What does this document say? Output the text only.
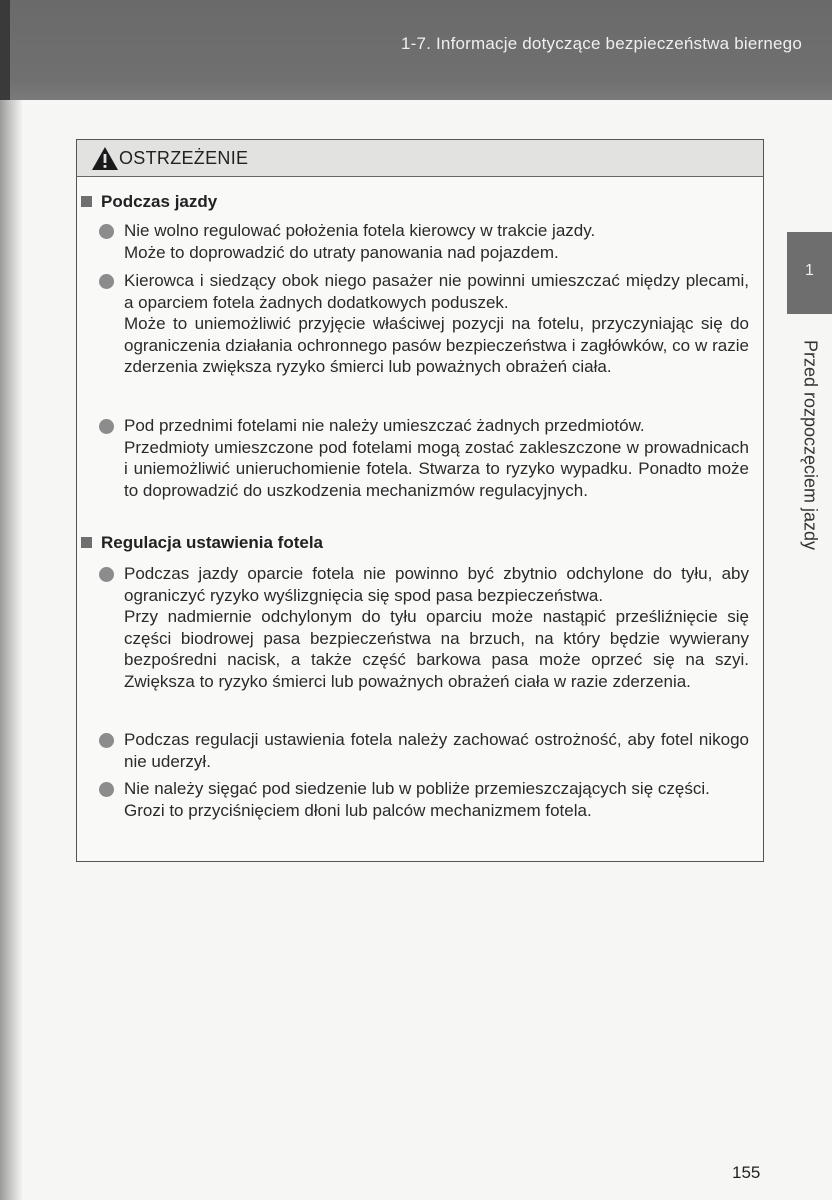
1-7. Informacje dotyczące bezpieczeństwa biernego
1
Przed rozpoczęciem jazdy
OSTRZEŻENIE
Podczas jazdy

Nie wolno regulować położenia fotela kierowcy w trakcie jazdy.

Może to doprowadzić do utraty panowania nad pojazdem.

Kierowca i siedzący obok niego pasażer nie powinni umieszczać między plecami, a oparciem fotela żadnych dodatkowych poduszek.

Może to uniemożliwić przyjęcie właściwej pozycji na fotelu, przyczyniając się do ograniczenia działania ochronnego pasów bezpieczeństwa i zagłówków, co w razie zderzenia zwiększa ryzyko śmierci lub poważnych obrażeń ciała.

Pod przednimi fotelami nie należy umieszczać żadnych przedmiotów.

Przedmioty umieszczone pod fotelami mogą zostać zakleszczone w prowadnicach i uniemożliwić unieruchomienie fotela. Stwarza to ryzyko wypadku. Ponadto może to doprowadzić do uszkodzenia mechanizmów regulacyjnych.

Regulacja ustawienia fotela

Podczas jazdy oparcie fotela nie powinno być zbytnio odchylone do tyłu, aby ograniczyć ryzyko wyślizgnięcia się spod pasa bezpieczeństwa.

Przy nadmiernie odchylonym do tyłu oparciu może nastąpić prześliźnięcie się części biodrowej pasa bezpieczeństwa na brzuch, na który będzie wywierany bezpośredni nacisk, a także część barkowa pasa może oprzeć się na szyi. Zwiększa to ryzyko śmierci lub poważnych obrażeń ciała w razie zderzenia.

Podczas regulacji ustawienia fotela należy zachować ostrożność, aby fotel nikogo nie uderzył.

Nie należy sięgać pod siedzenie lub w pobliże przemieszczających się części.

Grozi to przyciśnięciem dłoni lub palców mechanizmem fotela.

155
